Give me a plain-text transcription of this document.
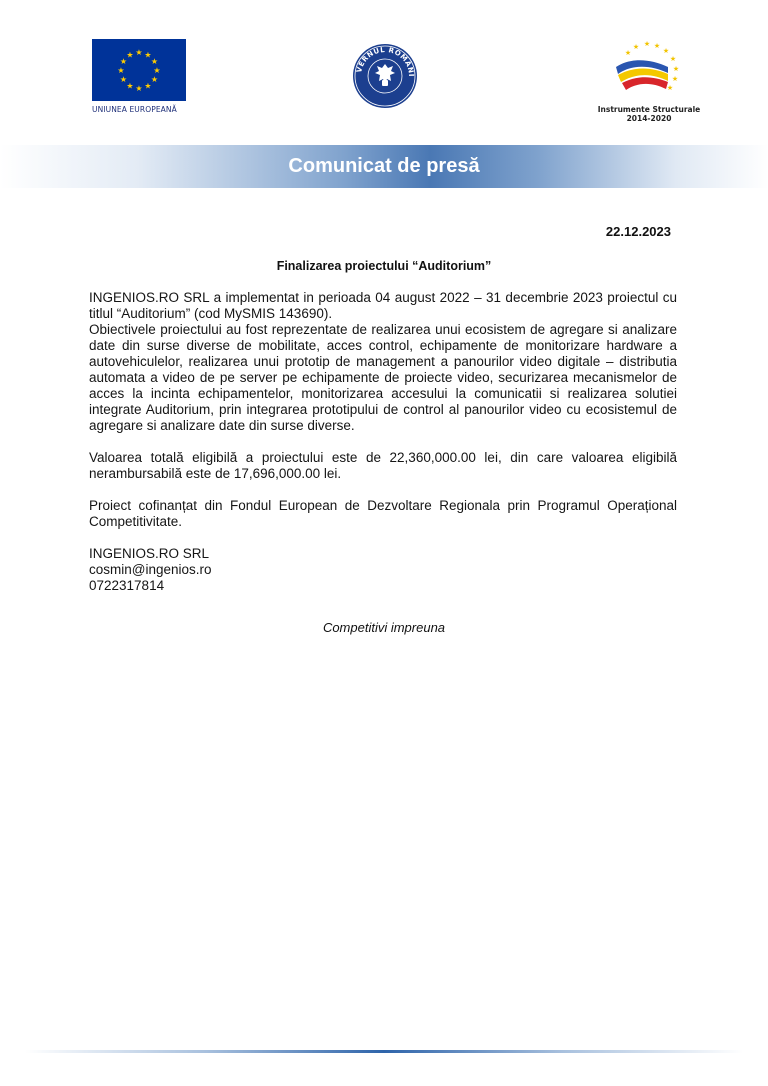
★ ★
★
★
★
★
★
★
★
★
★
★
UNIUNEA EUROPEANĂ
VERNUL ROMÂNI
★ ★ ★
★
★
★
★
★
★
Instrumente Structurale
2014-2020
Comunicat de presă
22.12.2023
Finalizarea proiectului “Auditorium”

INGENIOS.RO SRL a implementat in perioada 04 august 2022 – 31 decembrie 2023 proiectul cu titlul “Auditorium” (cod MySMIS 143690).

Obiectivele proiectului au fost reprezentate de realizarea unui ecosistem de agregare si analizare date din surse diverse de mobilitate, acces control, echipamente de monitorizare hardware a autovehiculelor, realizarea unui prototip de management a panourilor video digitale – distributia automata a video de pe server pe echipamente de proiecte video, securizarea mecanismelor de acces la incinta echipamentelor, monitorizarea accesului la comunicatii si realizarea solutiei integrate Auditorium, prin integrarea prototipului de control al panourilor video cu ecosistemul de agregare si analizare date din surse diverse.

Valoarea totală eligibilă a proiectului este de 22,360,000.00 lei, din care valoarea eligibilă nerambursabilă este de 17,696,000.00 lei.

Proiect cofinanțat din Fondul European de Dezvoltare Regionala prin Programul Operațional Competitivitate.

INGENIOS.RO SRL

cosmin@ingenios.ro

0722317814

Competitivi impreuna
